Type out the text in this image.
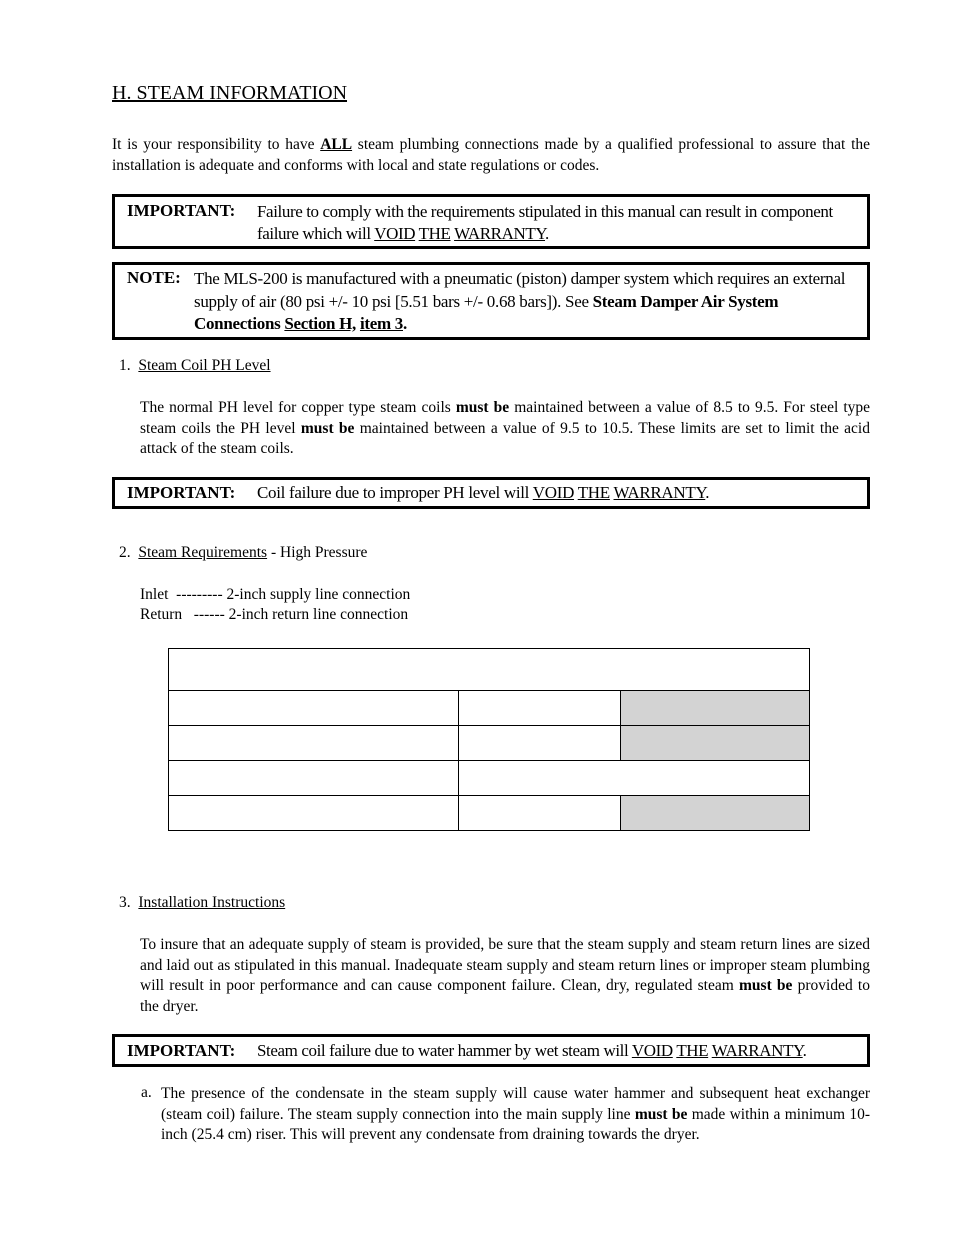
H. STEAM INFORMATION
It is your responsibility to have ALL steam plumbing connections made by a qualified professional to assure that the installation is adequate and conforms with local and state regulations or codes.
IMPORTANT: Failure to comply with the requirements stipulated in this manual can result in component failure which will VOID THE WARRANTY.
NOTE: The MLS-200 is manufactured with a pneumatic (piston) damper system which requires an external supply of air (80 psi +/- 10 psi [5.51 bars +/- 0.68 bars]). See Steam Damper Air System Connections Section H, item 3.
1. Steam Coil PH Level
The normal PH level for copper type steam coils must be maintained between a value of 8.5 to 9.5. For steel type steam coils the PH level must be maintained between a value of 9.5 to 10.5. These limits are set to limit the acid attack of the steam coils.
IMPORTANT: Coil failure due to improper PH level will VOID THE WARRANTY.
2. Steam Requirements - High Pressure
Inlet  --------- 2-inch supply line connection
Return   ------ 2-inch return line connection

3. Installation Instructions
To insure that an adequate supply of steam is provided, be sure that the steam supply and steam return lines are sized and laid out as stipulated in this manual. Inadequate steam supply and steam return lines or improper steam plumbing will result in poor performance and can cause component failure. Clean, dry, regulated steam must be provided to the dryer.
IMPORTANT: Steam coil failure due to water hammer by wet steam will VOID THE WARRANTY.
a. The presence of the condensate in the steam supply will cause water hammer and subsequent heat exchanger (steam coil) failure. The steam supply connection into the main supply line must be made within a minimum 10-inch (25.4 cm) riser. This will prevent any condensate from draining towards the dryer.
